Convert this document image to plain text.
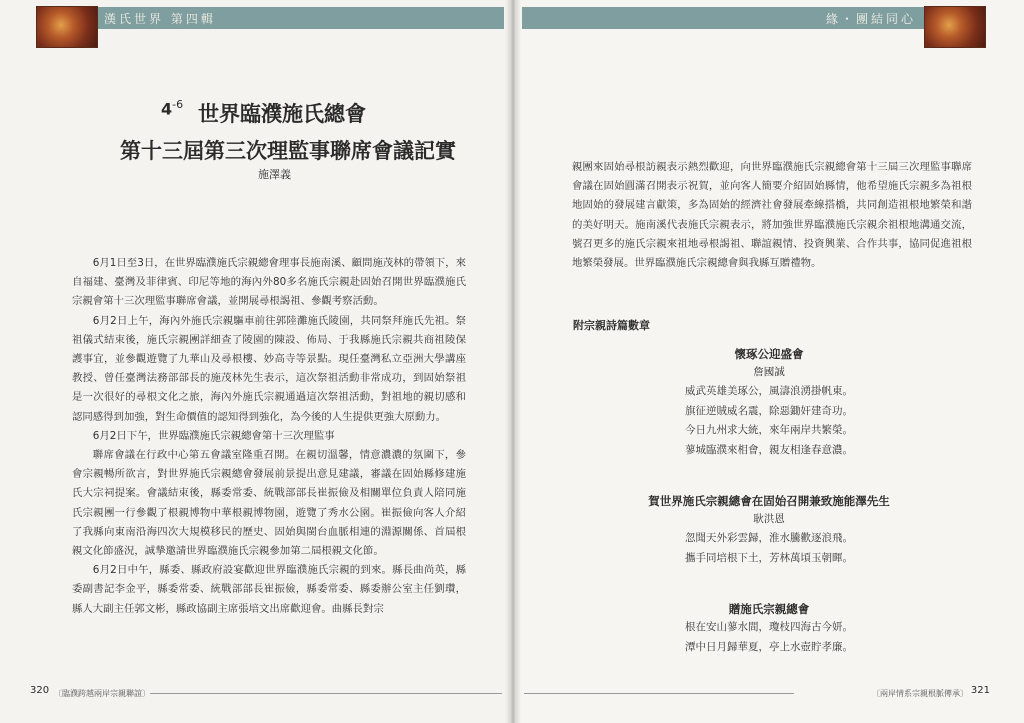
漢氏世界 第四輯
$4^{-6}$ 世界臨濮施氏總會
第十三屆第三次理監事聯席會議記實
施澤義

6月1日至3日，在世界臨濮施氏宗親總會理事長施南溪、顧問施茂林的帶領下，來自福建、臺灣及菲律賓、印尼等地的海內外80多名施氏宗親赴固始召開世界臨濮施氏宗親會第十三次理監事聯席會議，並開展尋根謁祖、參觀考察活動。

6月2日上午，海內外施氏宗親驅車前往郭陸灘施氏陵園，共同祭拜施氏先祖。祭祖儀式結束後，施氏宗親團詳細查了陵園的陳設、佈局、于我縣施氏宗親共商祖陵保護事宜，並參觀遊覽了九華山及尋根樓、妙高寺等景點。現任臺灣私立亞洲大學講座教授、曾任臺灣法務部部長的施茂林先生表示，這次祭祖活動非常成功，到固始祭祖是一次很好的尋根文化之旅，海內外施氏宗親通過這次祭祖活動，對祖地的親切感和認同感得到加強，對生命價值的認知得到強化，為今後的人生提供更強大原動力。

6月2日下午，世界臨濮施氏宗親總會第十三次理監事

聯席會議在行政中心第五會議室隆重召開。在親切溫馨，情意濃濃的氛圍下，參會宗親暢所欲言，對世界施氏宗親總會發展前景提出意見建議，審議在固始縣修建施氏大宗祠提案。會議結束後，縣委常委、統戰部部長崔振儉及相關單位負責人陪同施氏宗親團一行參觀了根親博物中華根親博物園，遊覽了秀水公園。崔振儉向客人介紹了我縣向東南沿海四次大規模移民的歷史、固始與閩台血脈相連的淵源關係、首屆根親文化節盛況，誠摯邀請世界臨濮施氏宗親參加第二屆根親文化節。

6月2日中午，縣委、縣政府設宴歡迎世界臨濮施氏宗親的到來。縣長曲尚英，縣委副書記李金平，縣委常委、統戰部部長崔振儉，縣委常委、縣委辦公室主任劉瓚，縣人大副主任郭文彬，縣政協副主席張培文出席歡迎會。曲縣長對宗

320 〔臨濮跨越兩岸宗親聯誼〕
緣・團結同心

親團來固始尋根訪親表示熱烈歡迎，向世界臨濮施氏宗親總會第十三屆三次理監事聯席會議在固始圓滿召開表示祝賀，並向客人簡要介紹固始縣情，他希望施氏宗親多為祖根地固始的發展建言獻策，多為固始的經濟社會發展牽線搭橋，共同創造祖根地繁榮和諧的美好明天。施南溪代表施氏宗親表示，將加強世界臨濮施氏宗親余祖根地溝通交流，號召更多的施氏宗親來祖地尋根謁祖、聯誼親情、投資興業、合作共事，協同促進祖根地繁榮發展。世界臨濮施氏宗親總會與我縣互贈禮物。

附宗親詩篇數章
懷琢公迎盛會
詹國誠
威武英雄美琢公，風濤浪湧掛帆東。
旗征逆賊威名震，除惡鋤奸建奇功。
今日九州求大統，來年兩岸共繁榮。
蓼城臨濮來相會，親友相逢春意濃。
賀世界施氏宗親總會在固始召開兼致施能澤先生
耿洪恩
忽聞天外彩雲歸，淮水騰歡逐浪飛。
攜手同培根下土，芳林萬頃玉朝暉。
贈施氏宗親總會
根在安山蓼水間，瓊枝四海古今妍。
潭中日月歸華夏，亭上水壺貯孝廉。
〔兩岸情系宗親根脈傳承〕 321
